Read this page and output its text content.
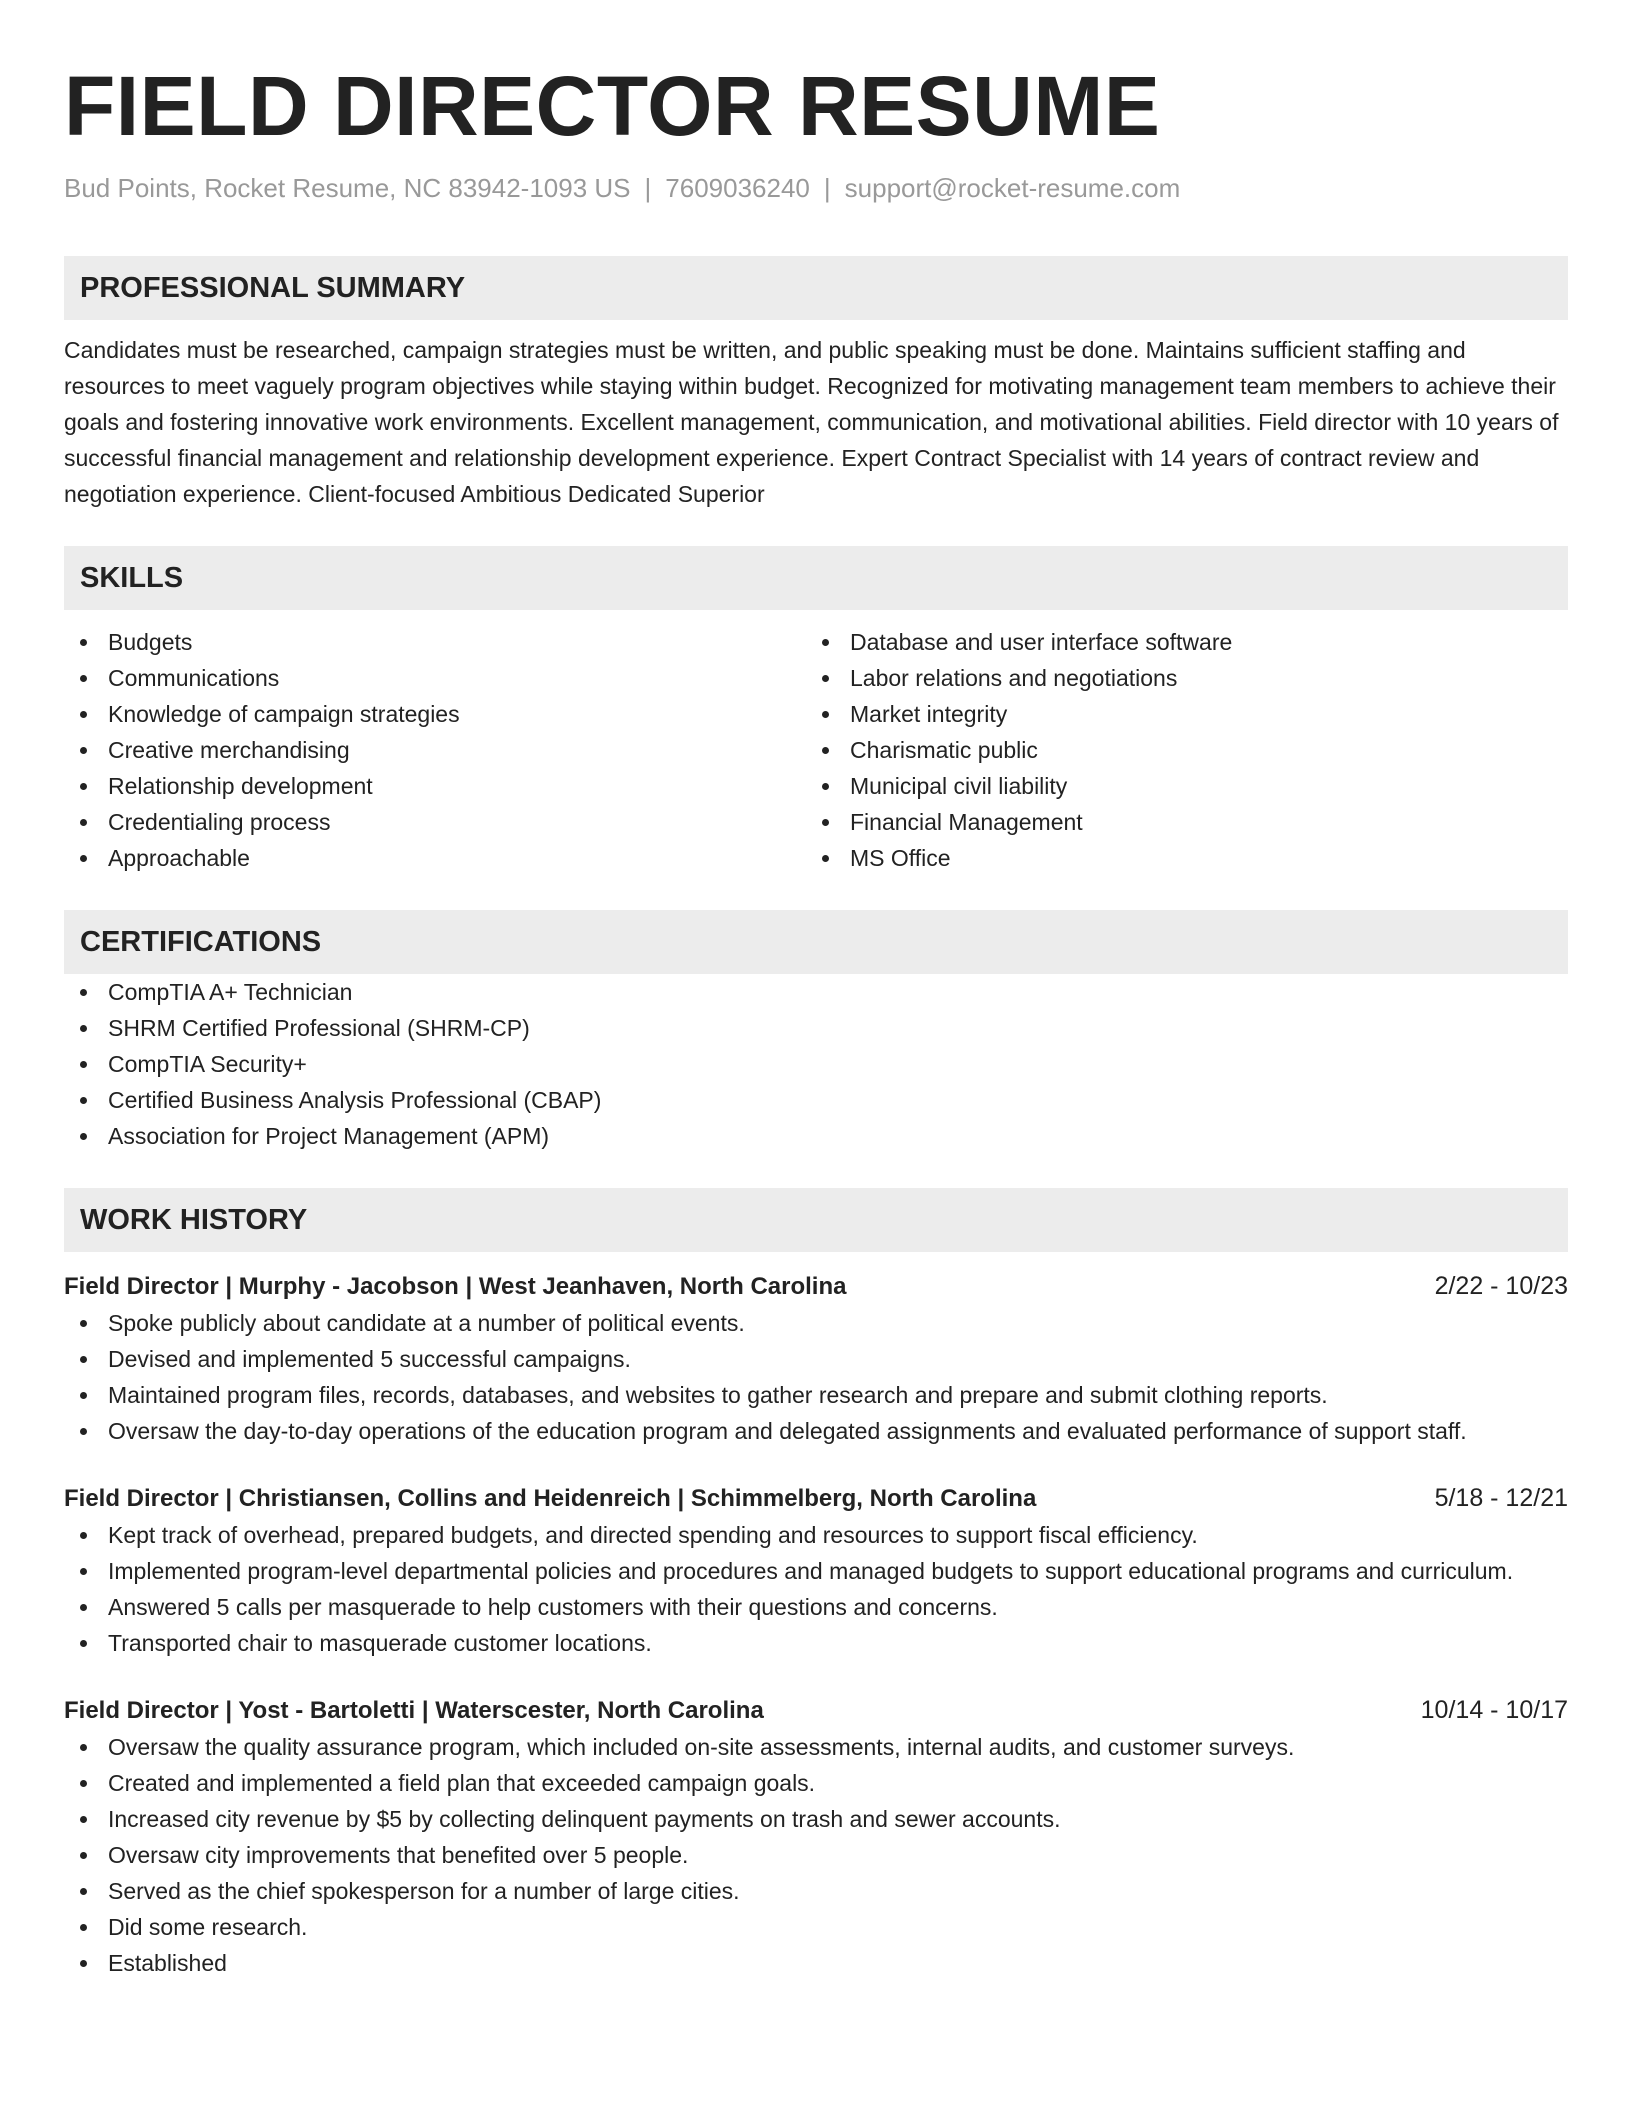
FIELD DIRECTOR RESUME
Bud Points, Rocket Resume, NC 83942-1093 US | 7609036240 | support@rocket-resume.com
PROFESSIONAL SUMMARY
Candidates must be researched, campaign strategies must be written, and public speaking must be done. Maintains sufficient staffing and resources to meet vaguely program objectives while staying within budget. Recognized for motivating management team members to achieve their goals and fostering innovative work environments. Excellent management, communication, and motivational abilities. Field director with 10 years of successful financial management and relationship development experience. Expert Contract Specialist with 14 years of contract review and negotiation experience. Client-focused Ambitious Dedicated Superior
SKILLS
Budgets
Communications
Knowledge of campaign strategies
Creative merchandising
Relationship development
Credentialing process
Approachable
Database and user interface software
Labor relations and negotiations
Market integrity
Charismatic public
Municipal civil liability
Financial Management
MS Office
CERTIFICATIONS
CompTIA A+ Technician
SHRM Certified Professional (SHRM-CP)
CompTIA Security+
Certified Business Analysis Professional (CBAP)
Association for Project Management (APM)
WORK HISTORY
Field Director | Murphy - Jacobson | West Jeanhaven, North Carolina	2/22 - 10/23
Spoke publicly about candidate at a number of political events.
Devised and implemented 5 successful campaigns.
Maintained program files, records, databases, and websites to gather research and prepare and submit clothing reports.
Oversaw the day-to-day operations of the education program and delegated assignments and evaluated performance of support staff.
Field Director | Christiansen, Collins and Heidenreich | Schimmelberg, North Carolina	5/18 - 12/21
Kept track of overhead, prepared budgets, and directed spending and resources to support fiscal efficiency.
Implemented program-level departmental policies and procedures and managed budgets to support educational programs and curriculum.
Answered 5 calls per masquerade to help customers with their questions and concerns.
Transported chair to masquerade customer locations.
Field Director | Yost - Bartoletti | Waterscester, North Carolina	10/14 - 10/17
Oversaw the quality assurance program, which included on-site assessments, internal audits, and customer surveys.
Created and implemented a field plan that exceeded campaign goals.
Increased city revenue by $5 by collecting delinquent payments on trash and sewer accounts.
Oversaw city improvements that benefited over 5 people.
Served as the chief spokesperson for a number of large cities.
Did some research.
Established
